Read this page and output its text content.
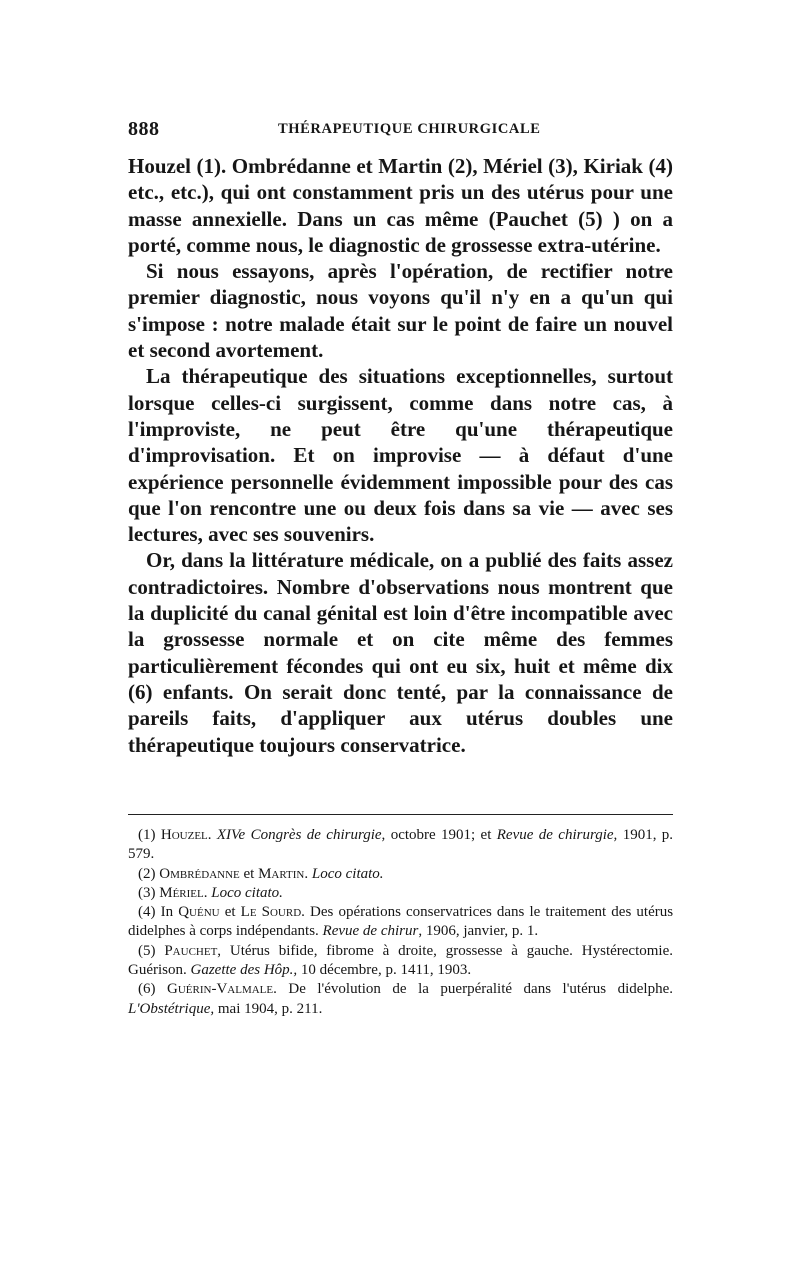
888	THÉRAPEUTIQUE CHIRURGICALE

Houzel (1). Ombrédanne et Martin (2), Mériel (3), Kiriak (4) etc., etc.), qui ont constamment pris un des utérus pour une masse annexielle. Dans un cas même (Pauchet (5) ) on a porté, comme nous, le diagnostic de grossesse extra-utérine.

Si nous essayons, après l'opération, de rectifier notre premier diagnostic, nous voyons qu'il n'y en a qu'un qui s'impose : notre malade était sur le point de faire un nouvel et second avortement.

La thérapeutique des situations exceptionnelles, surtout lorsque celles-ci surgissent, comme dans notre cas, à l'improviste, ne peut être qu'une thérapeutique d'improvisation. Et on improvise — à défaut d'une expérience personnelle évidemment impossible pour des cas que l'on rencontre une ou deux fois dans sa vie — avec ses lectures, avec ses souvenirs.

Or, dans la littérature médicale, on a publié des faits assez contradictoires. Nombre d'observations nous montrent que la duplicité du canal génital est loin d'être incompatible avec la grossesse normale et on cite même des femmes particulièrement fécondes qui ont eu six, huit et même dix (6) enfants. On serait donc tenté, par la connaissance de pareils faits, d'appliquer aux utérus doubles une thérapeutique toujours conservatrice.

(1) Houzel. XIVe Congrès de chirurgie, octobre 1901; et Revue de chirurgie, 1901, p. 579.

(2) Ombrédanne et Martin. Loco citato.

(3) Mériel. Loco citato.

(4) In Quénu et Le Sourd. Des opérations conservatrices dans le traitement des utérus didelphes à corps indépendants. Revue de chirur, 1906, janvier, p. 1.

(5) Pauchet, Utérus bifide, fibrome à droite, grossesse à gauche. Hystérectomie. Guérison. Gazette des Hôp., 10 décembre, p. 1411, 1903.

(6) Guérin-Valmale. De l'évolution de la puerpéralité dans l'utérus didelphe. L'Obstétrique, mai 1904, p. 211.
